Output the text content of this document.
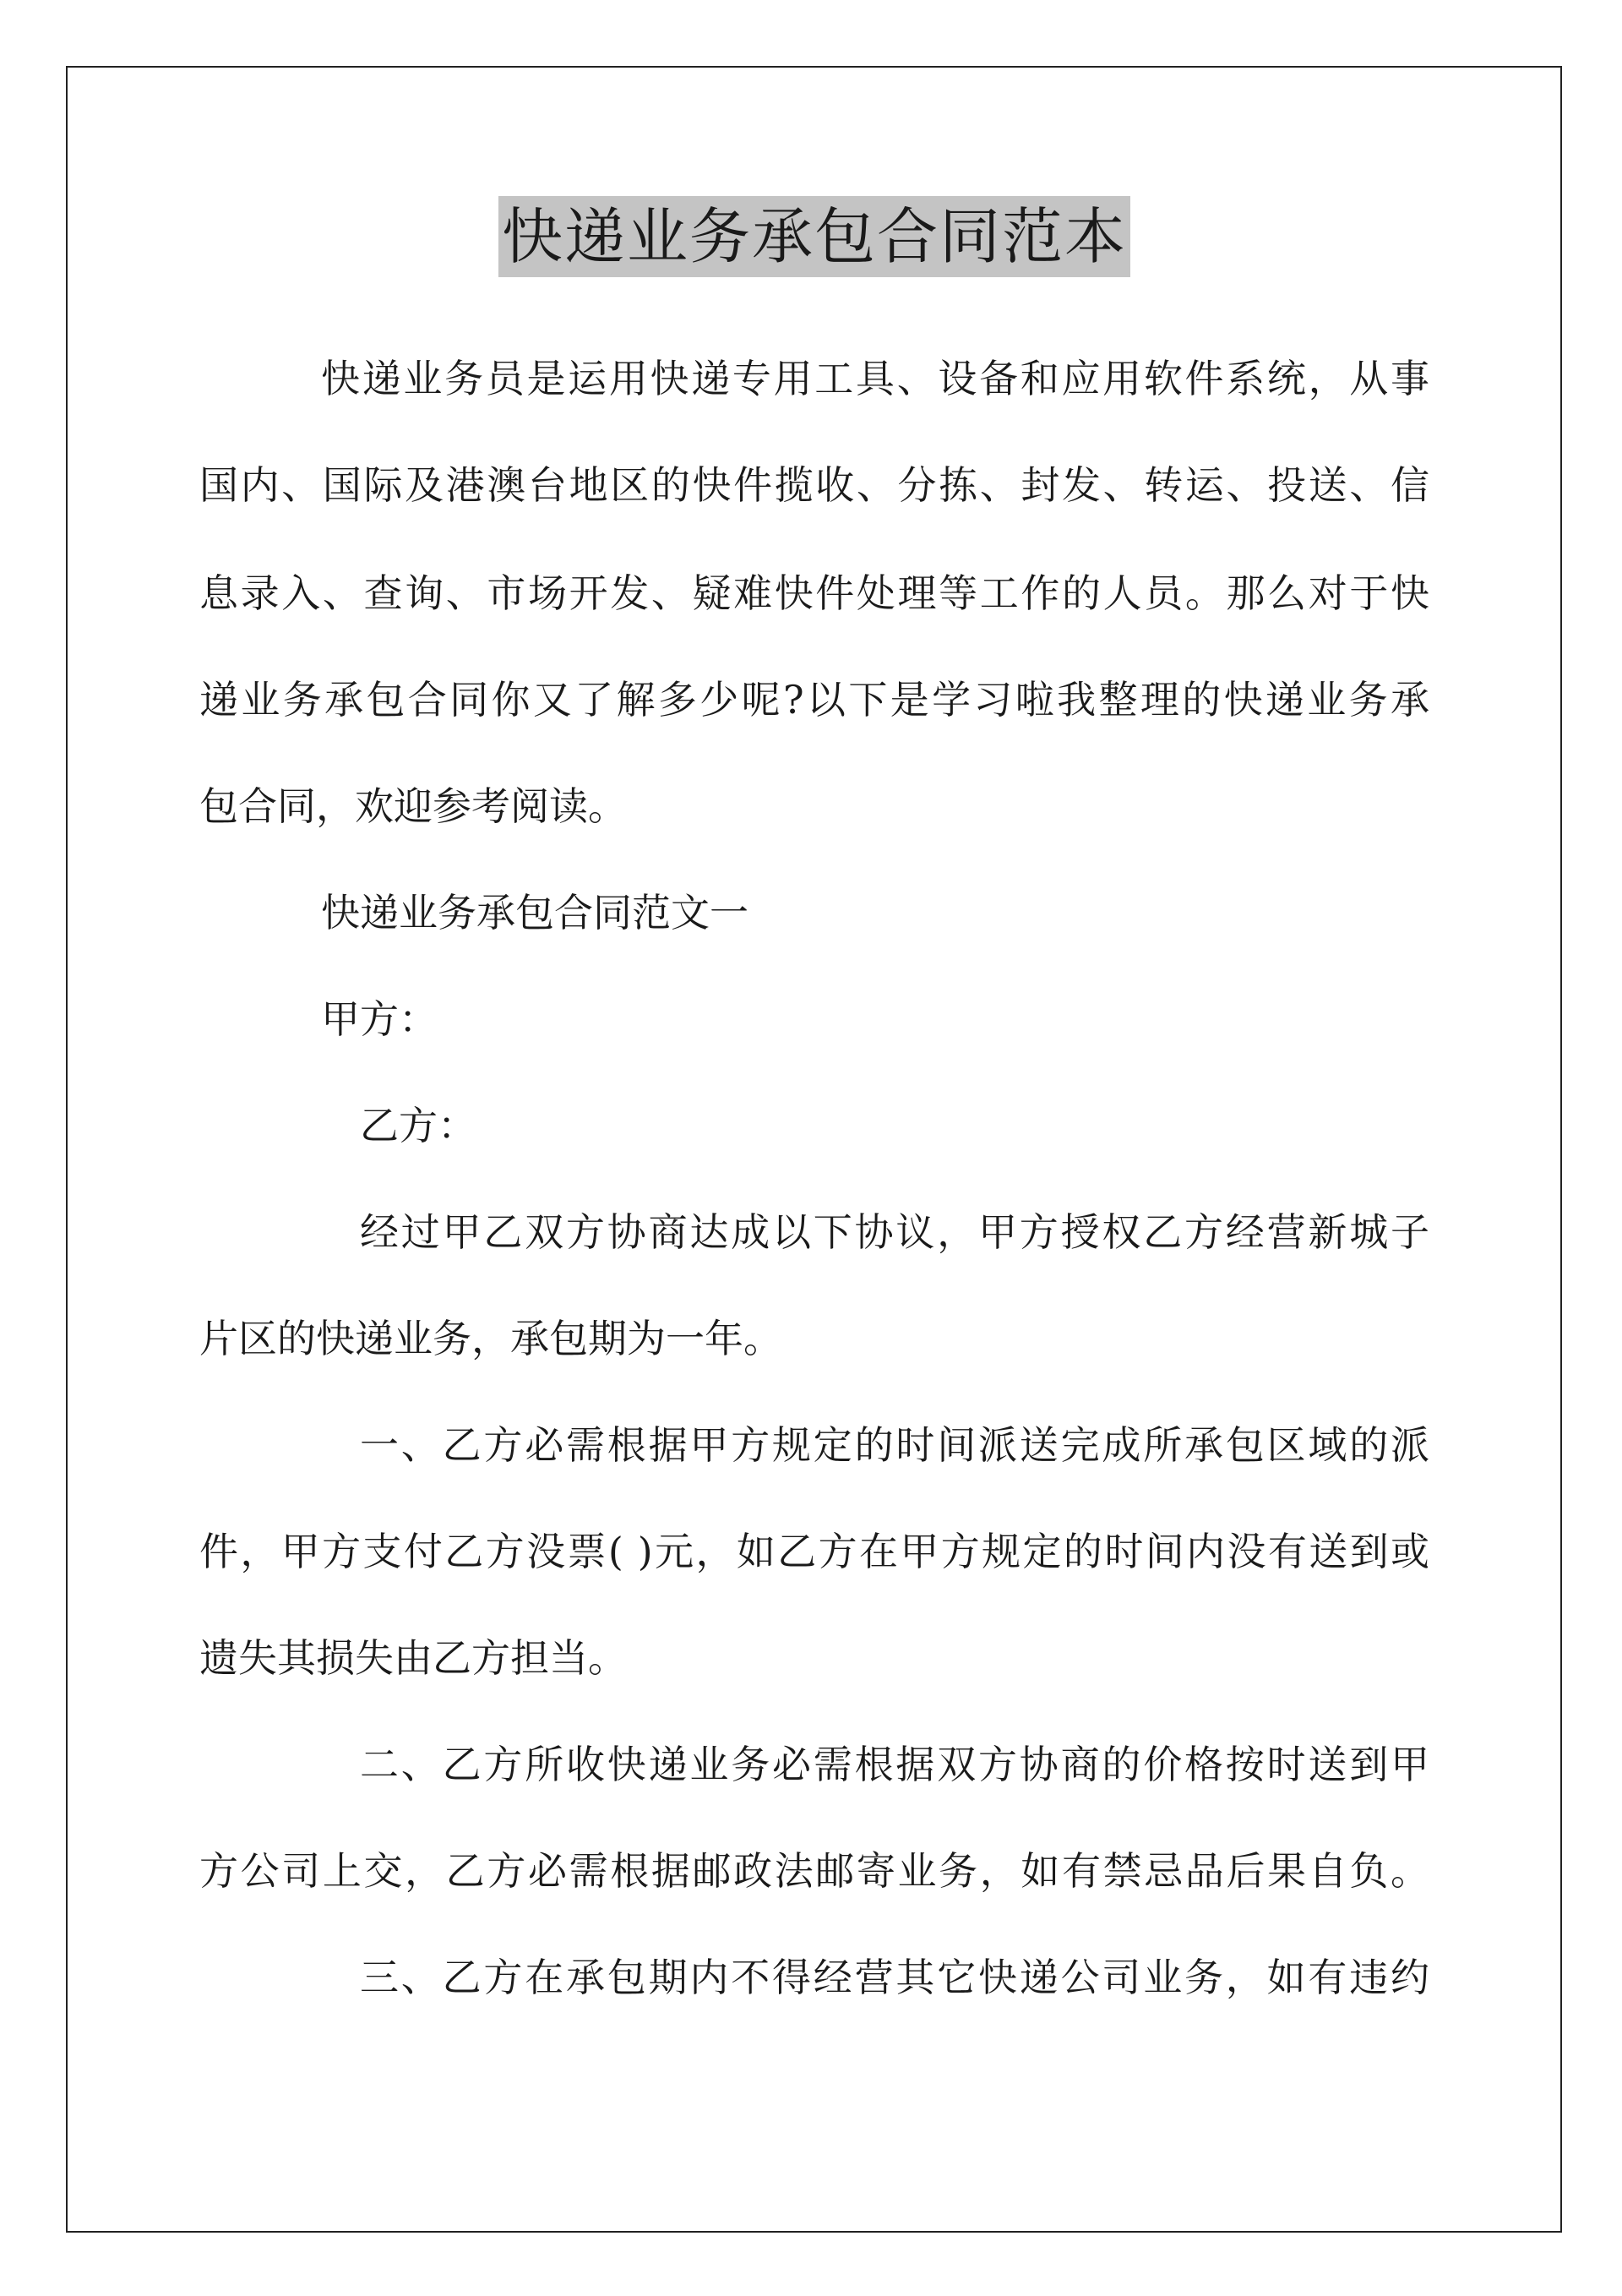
快递业务承包合同范本
快递业务员是运用快递专用工具、设备和应用软件系统，从事
国内、国际及港澳台地区的快件揽收、分拣、封发、转运、投送、信
息录入、查询、市场开发、疑难快件处理等工作的人员。那么对于快
递业务承包合同你又了解多少呢?以下是学习啦我整理的快递业务承
包合同，欢迎参考阅读。
快递业务承包合同范文一
甲方：
乙方：
经过甲乙双方协商达成以下协议，甲方授权乙方经营新城子
片区的快递业务，承包期为一年。
一、乙方必需根据甲方规定的时间派送完成所承包区域的派
件，甲方支付乙方没票( )元，如乙方在甲方规定的时间内没有送到或
遗失其损失由乙方担当。
二、乙方所收快递业务必需根据双方协商的价格按时送到甲
方公司上交，乙方必需根据邮政法邮寄业务，如有禁忌品后果自负。
三、乙方在承包期内不得经营其它快递公司业务，如有违约
